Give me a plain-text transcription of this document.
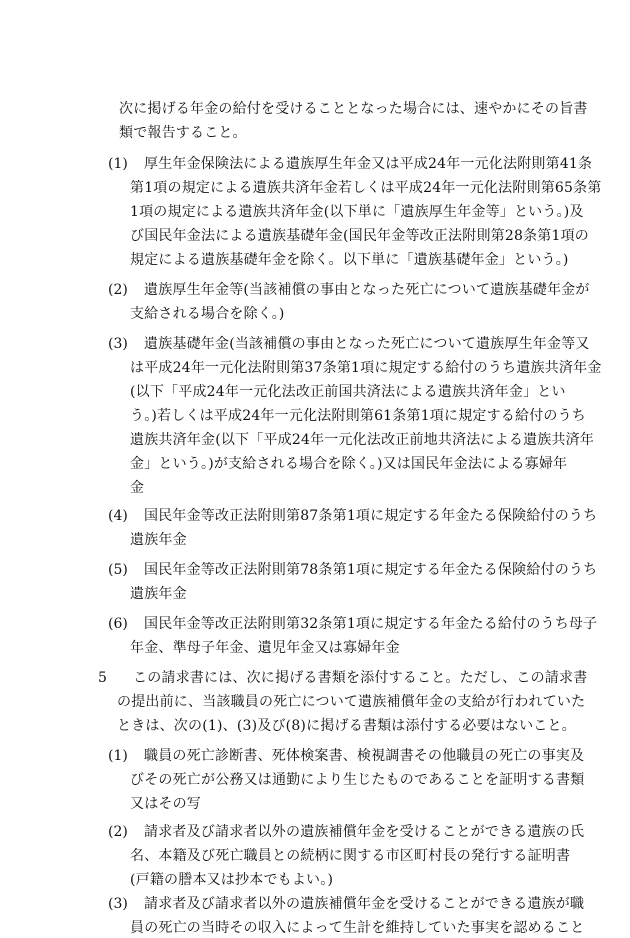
次に掲げる年金の給付を受けることとなった場合には、速やかにその旨書
類で報告すること。
(1) 厚生年金保険法による遺族厚生年金又は平成24年一元化法附則第41条
第1項の規定による遺族共済年金若しくは平成24年一元化法附則第65条第
1項の規定による遺族共済年金(以下単に「遺族厚生年金等」という。)及
び国民年金法による遺族基礎年金(国民年金等改正法附則第28条第1項の
規定による遺族基礎年金を除く。以下単に「遺族基礎年金」という。)
(2) 遺族厚生年金等(当該補償の事由となった死亡について遺族基礎年金が
支給される場合を除く。)
(3) 遺族基礎年金(当該補償の事由となった死亡について遺族厚生年金等又
は平成24年一元化法附則第37条第1項に規定する給付のうち遺族共済年金
(以下「平成24年一元化法改正前国共済法による遺族共済年金」とい
う。)若しくは平成24年一元化法附則第61条第1項に規定する給付のうち
遺族共済年金(以下「平成24年一元化法改正前地共済法による遺族共済年
金」という。)が支給される場合を除く。)又は国民年金法による寡婦年
金
(4) 国民年金等改正法附則第87条第1項に規定する年金たる保険給付のうち
遺族年金
(5) 国民年金等改正法附則第78条第1項に規定する年金たる保険給付のうち
遺族年金
(6) 国民年金等改正法附則第32条第1項に規定する年金たる給付のうち母子
年金、準母子年金、遺児年金又は寡婦年金
5 この請求書には、次に掲げる書類を添付すること。ただし、この請求書
の提出前に、当該職員の死亡について遺族補償年金の支給が行われていた
ときは、次の(1)、(3)及び(8)に掲げる書類は添付する必要はないこと。
(1) 職員の死亡診断書、死体検案書、検視調書その他職員の死亡の事実及
びその死亡が公務又は通勤により生じたものであることを証明する書類
又はその写
(2) 請求者及び請求者以外の遺族補償年金を受けることができる遺族の氏
名、本籍及び死亡職員との続柄に関する市区町村長の発行する証明書
(戸籍の謄本又は抄本でもよい。)
(3) 請求者及び請求者以外の遺族補償年金を受けることができる遺族が職
員の死亡の当時その収入によって生計を維持していた事実を認めること
